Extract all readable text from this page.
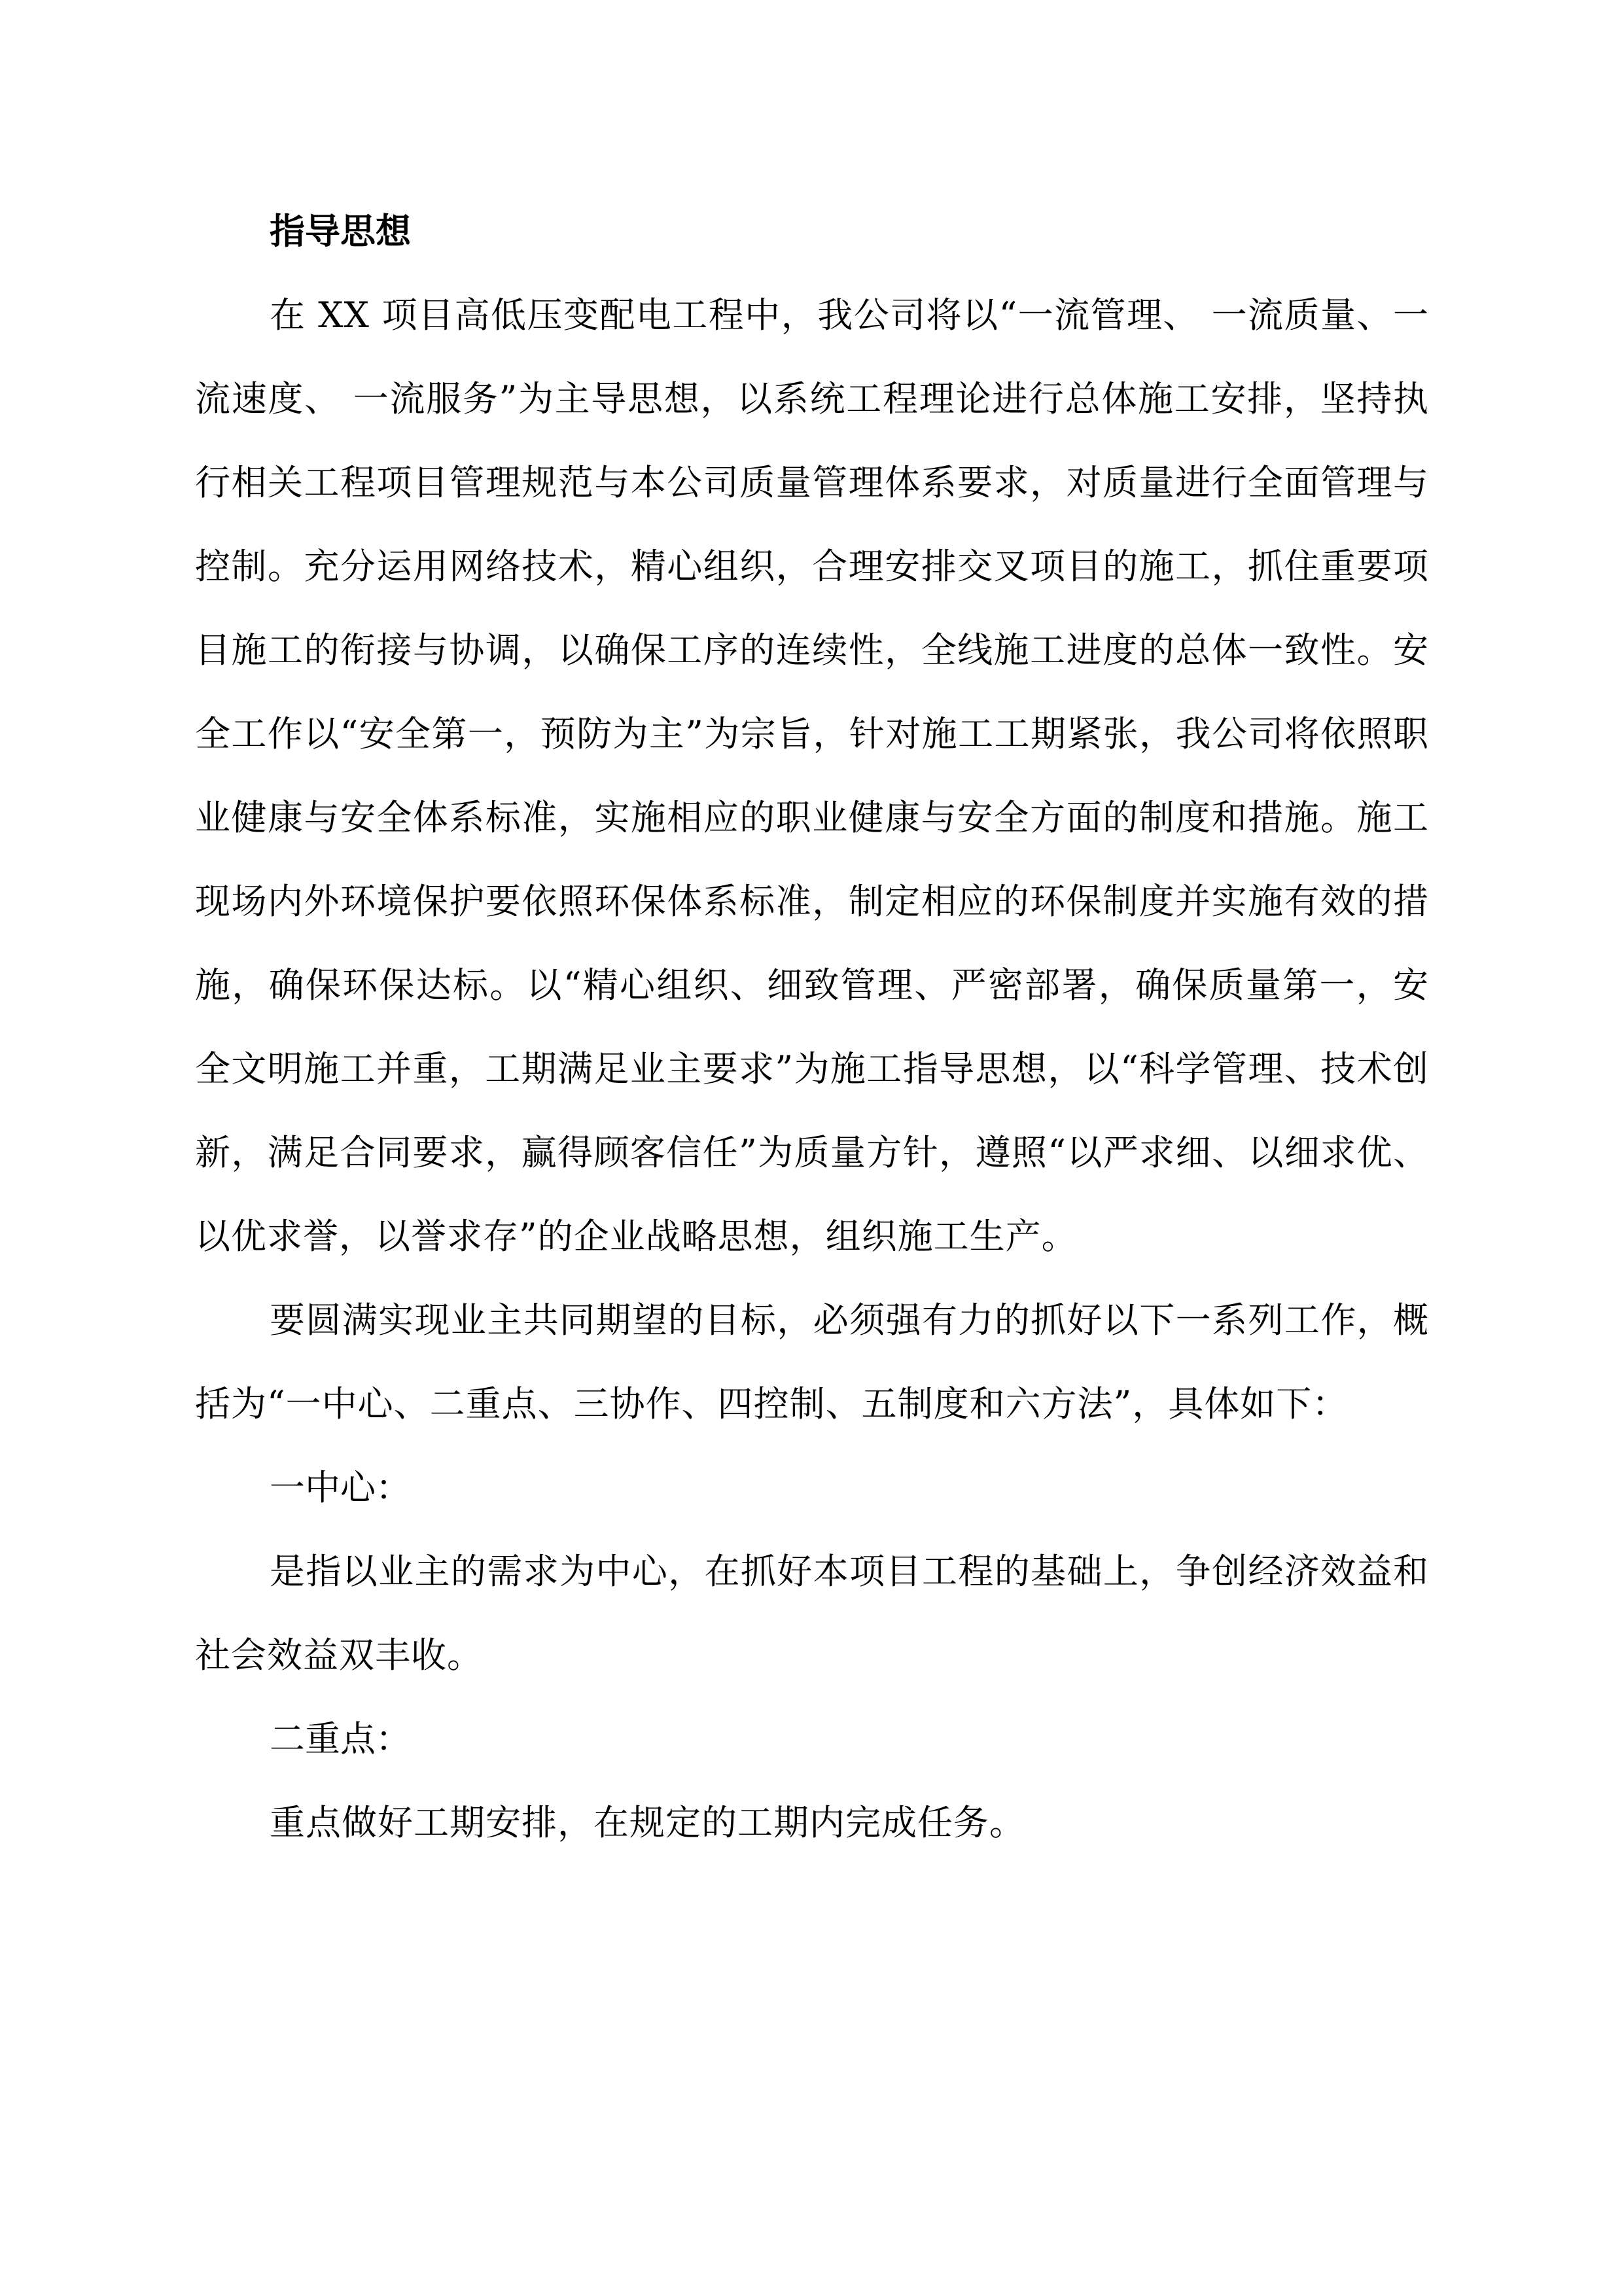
指导思想

在 XX 项目高低压变配电工程中，我公司将以“一流管理、 一流质量、一流速度、 一流服务”为主导思想，以系统工程理论进行总体施工安排，坚持执行相关工程项目管理规范与本公司质量管理体系要求，对质量进行全面管理与控制。充分运用网络技术，精心组织，合理安排交叉项目的施工，抓住重要项目施工的衔接与协调，以确保工序的连续性，全线施工进度的总体一致性。安全工作以“安全第一，预防为主”为宗旨，针对施工工期紧张，我公司将依照职业健康与安全体系标准，实施相应的职业健康与安全方面的制度和措施。施工现场内外环境保护要依照环保体系标准，制定相应的环保制度并实施有效的措施，确保环保达标。以“精心组织、细致管理、严密部署，确保质量第一，安全文明施工并重，工期满足业主要求”为施工指导思想，以“科学管理、技术创新，满足合同要求，赢得顾客信任”为质量方针，遵照“以严求细、以细求优、以优求誉，以誉求存”的企业战略思想，组织施工生产。

要圆满实现业主共同期望的目标，必须强有力的抓好以下一系列工作，概括为“一中心、二重点、三协作、四控制、五制度和六方法”，具体如下：

一中心：

是指以业主的需求为中心，在抓好本项目工程的基础上，争创经济效益和社会效益双丰收。

二重点：

重点做好工期安排，在规定的工期内完成任务。
